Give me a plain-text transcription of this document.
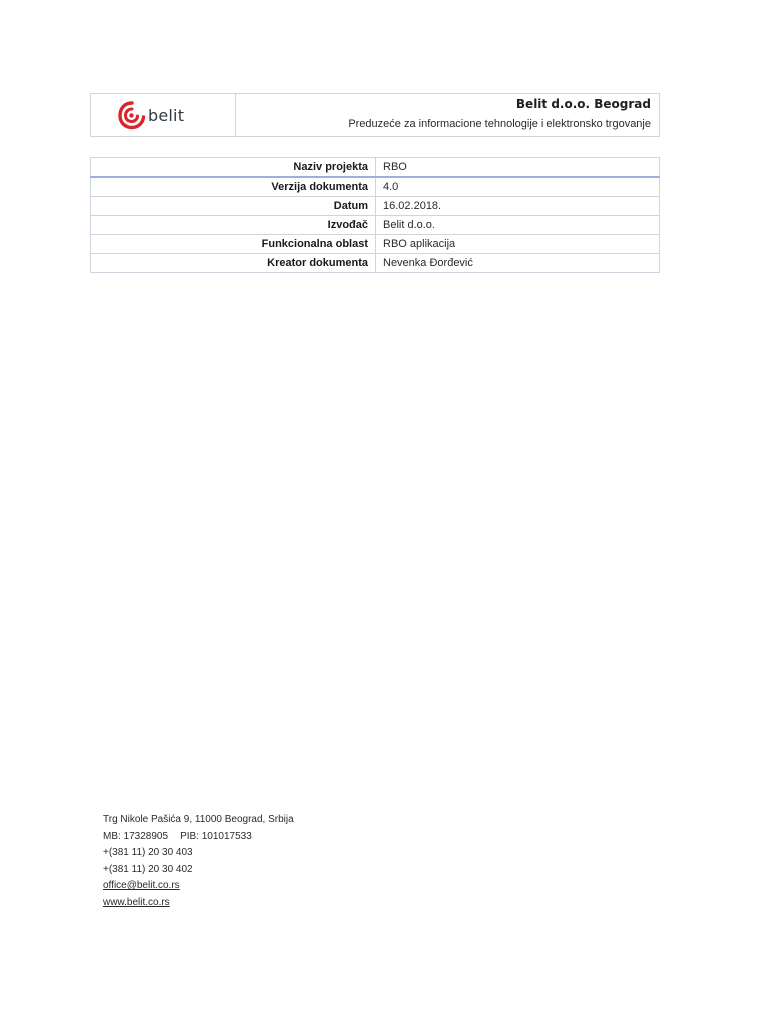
belit
Belit d.o.o. Beograd
Preduzeće za informacione tehnologije i elektronsko trgovanje
Naziv projekta	RBO
Verzija dokumenta	4.0
Datum	16.02.2018.
Izvođač	Belit d.o.o.
Funkcionalna oblast	RBO aplikacija
Kreator dokumenta	Nevenka Đorđević
Trg Nikole Pašića 9, 11000 Beograd, Srbija
MB: 17328905 PIB: 101017533
+(381 11) 20 30 403
+(381 11) 20 30 402
office@belit.co.rs
www.belit.co.rs
